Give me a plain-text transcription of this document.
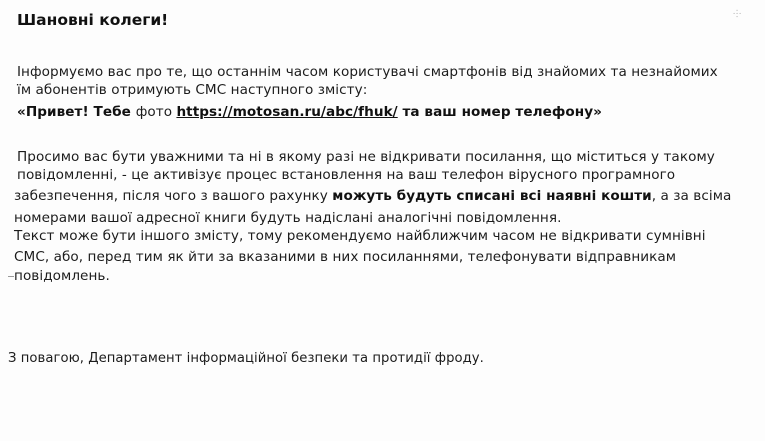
⸭
Шановні колеги!
Інформуємо вас про те, що останнім часом користувачі смартфонів від знайомих та незнайомих
їм абонентів отримують СМС наступного змісту:
«Привет! Тебе фото https://motosan.ru/abc/fhuk/ та ваш номер телефону»
Просимо вас бути уважними та ні в якому разі не відкривати посилання, що міститься у такому
повідомленні, - це активізує процес встановлення на ваш телефон вірусного програмного
забезпечення, після чого з вашого рахунку можуть будуть списані всі наявні кошти, а за всіма
номерами вашої адресної книги будуть надіслані аналогічні повідомлення.
Текст може бути іншого змісту, тому рекомендуємо найближчим часом не відкривати сумнівні
СМС, або, перед тим як йти за вказаними в них посиланнями, телефонувати відправникам
повідомлень.
З повагою, Департамент інформаційної безпеки та протидії фроду.
